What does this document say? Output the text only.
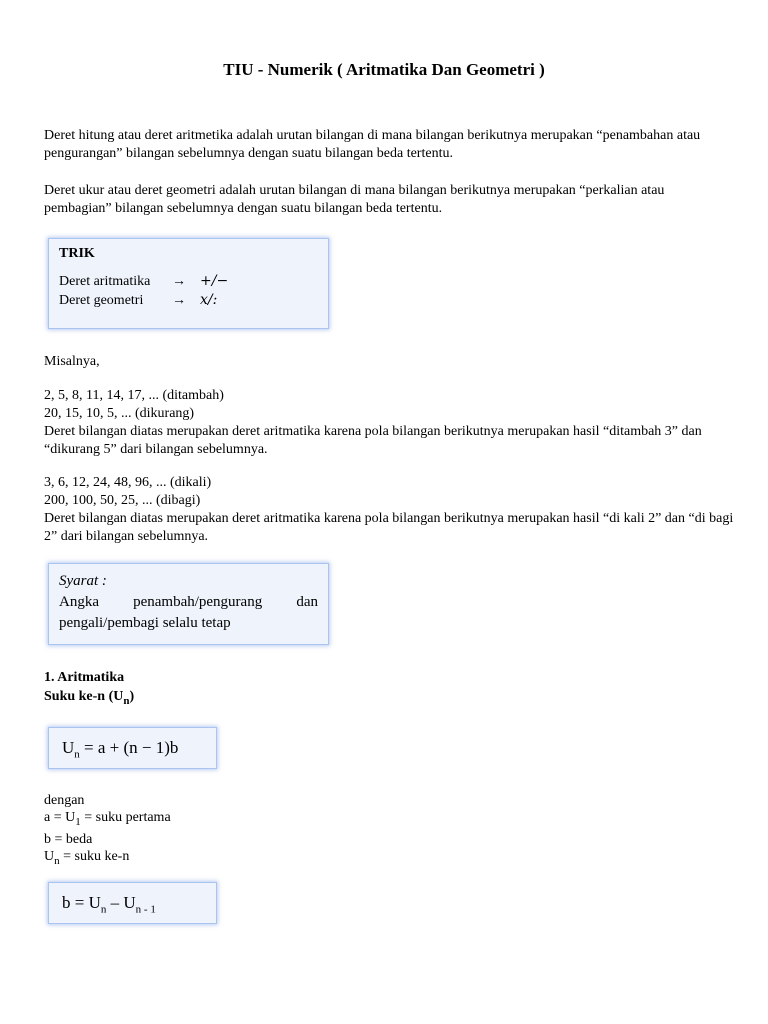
TIU - Numerik ( Aritmatika Dan Geometri )

Deret hitung atau deret aritmetika adalah urutan bilangan di mana bilangan berikutnya merupakan “penambahan atau pengurangan” bilangan sebelumnya dengan suatu bilangan beda tertentu.

Deret ukur atau deret geometri adalah urutan bilangan di mana bilangan berikutnya merupakan “perkalian atau pembagian” bilangan sebelumnya dengan suatu bilangan beda tertentu.

TRIK
Deret aritmatika	→	+/−
Deret geometri	→	x/:
Misalnya,

2, 5, 8, 11, 14, 17, ... (ditambah)

20, 15, 10, 5, ... (dikurang)

Deret bilangan diatas merupakan deret aritmatika karena pola bilangan berikutnya merupakan hasil “ditambah 3” dan “dikurang 5” dari bilangan sebelumnya.

3, 6, 12, 24, 48, 96, ... (dikali)

200, 100, 50, 25, ... (dibagi)

Deret bilangan diatas merupakan deret aritmatika karena pola bilangan berikutnya merupakan hasil “di kali 2” dan “di bagi 2” dari bilangan sebelumnya.

Syarat :
Angka penambah/pengurang dan
pengali/pembagi selalu tetap
1. Aritmatika
Suku ke-n $(U_n)$
$U_n = a + (n - 1)b$
dengan
$a = U_1$ = suku pertama
b = beda
$U_n$ = suku ke-n
$b = U_n - U_{n - 1}$
